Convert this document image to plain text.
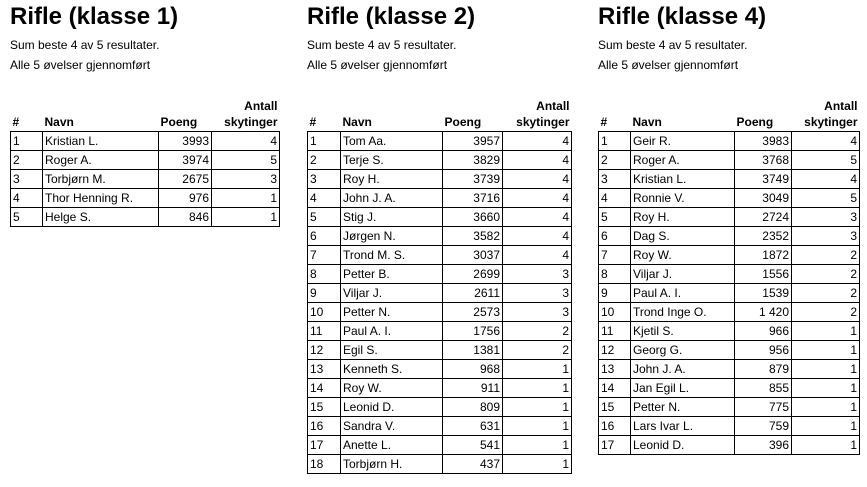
Rifle (klasse 1)
Sum beste 4 av 5 resultater.
Alle 5 øvelser gjennomført
#	Navn	Poeng	Antall
skytinger
1	Kristian L.	3993	4
2	Roger A.	3974	5
3	Torbjørn M.	2675	3
4	Thor Henning R.	976	1
5	Helge S.	846	1
Rifle (klasse 2)
Sum beste 4 av 5 resultater.
Alle 5 øvelser gjennomført
#	Navn	Poeng	Antall
skytinger
1	Tom Aa.	3957	4
2	Terje S.	3829	4
3	Roy H.	3739	4
4	John J. A.	3716	4
5	Stig J.	3660	4
6	Jørgen N.	3582	4
7	Trond M. S.	3037	4
8	Petter B.	2699	3
9	Viljar J.	2611	3
10	Petter N.	2573	3
11	Paul A. I.	1756	2
12	Egil S.	1381	2
13	Kenneth S.	968	1
14	Roy W.	911	1
15	Leonid D.	809	1
16	Sandra V.	631	1
17	Anette L.	541	1
18	Torbjørn H.	437	1
Rifle (klasse 4)
Sum beste 4 av 5 resultater.
Alle 5 øvelser gjennomført
#	Navn	Poeng	Antall
skytinger
1	Geir R.	3983	4
2	Roger A.	3768	5
3	Kristian L.	3749	4
4	Ronnie V.	3049	5
5	Roy H.	2724	3
6	Dag S.	2352	3
7	Roy W.	1872	2
8	Viljar J.	1556	2
9	Paul A. I.	1539	2
10	Trond Inge O.	1 420	2
11	Kjetil S.	966	1
12	Georg G.	956	1
13	John J. A.	879	1
14	Jan Egil L.	855	1
15	Petter N.	775	1
16	Lars Ivar L.	759	1
17	Leonid D.	396	1
